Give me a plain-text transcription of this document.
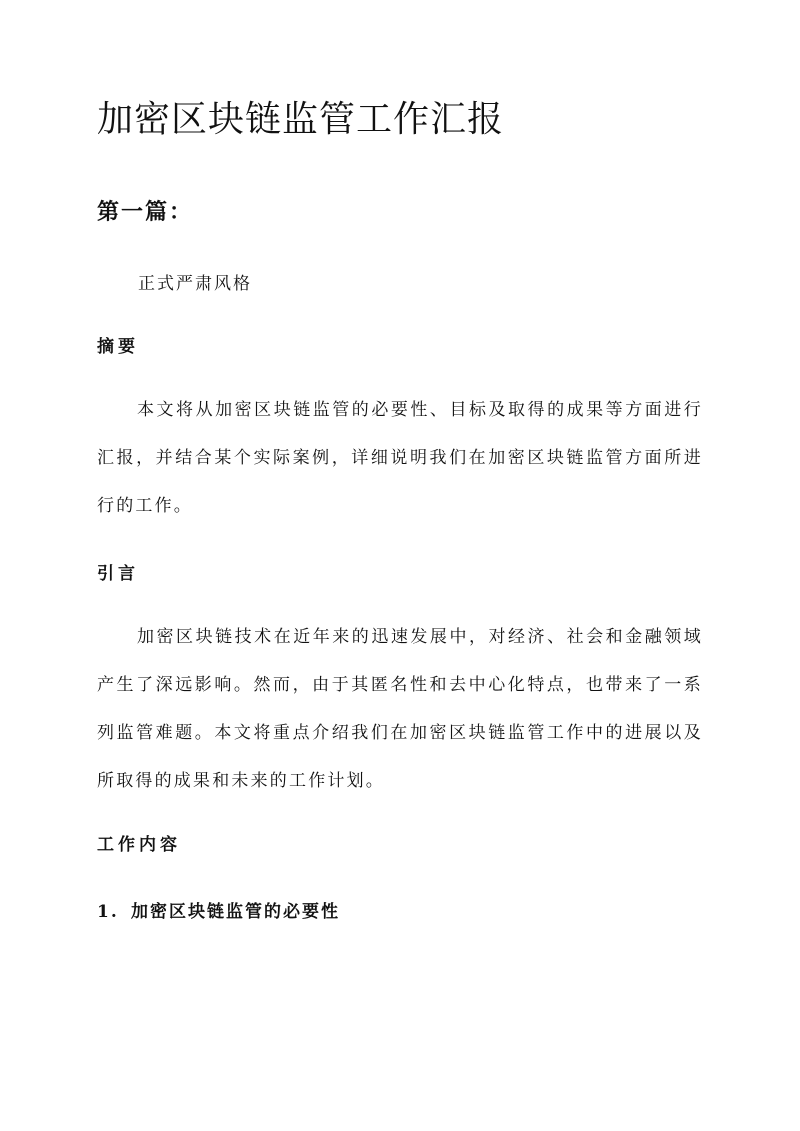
加密区块链监管工作汇报
第一篇：

正式严肃风格

摘要

本文将从加密区块链监管的必要性、目标及取得的成果等方面进行汇报，并结合某个实际案例，详细说明我们在加密区块链监管方面所进行的工作。

引言

加密区块链技术在近年来的迅速发展中，对经济、社会和金融领域产生了深远影响。然而，由于其匿名性和去中心化特点，也带来了一系列监管难题。本文将重点介绍我们在加密区块链监管工作中的进展以及所取得的成果和未来的工作计划。

工作内容
1. 加密区块链监管的必要性
